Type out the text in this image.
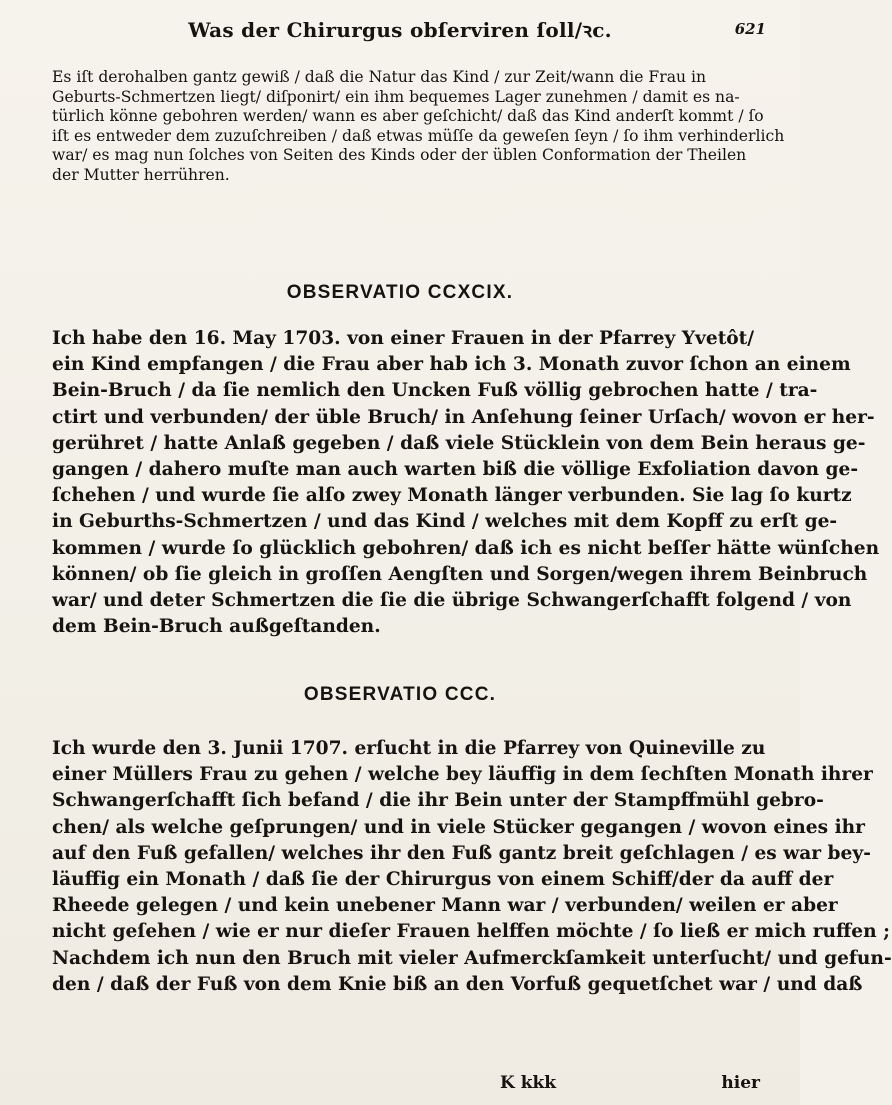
Was der Chirurgus obſerviren ſoll/ꝛc.	621
Es iſt derohalben gantz gewiß / daß die Natur das Kind / zur Zeit/wann die Frau in
Geburts-Schmertzen liegt/ diſponirt/ ein ihm bequemes Lager zunehmen / damit es na-
türlich könne gebohren werden/ wann es aber geſchicht/ daß das Kind anderſt kommt / ſo
iſt es entweder dem zuzuſchreiben / daß etwas müſſe da geweſen ſeyn / ſo ihm verhinderlich
war/ es mag nun ſolches von Seiten des Kinds oder der üblen Conformation der Theilen
der Mutter herrühren.
OBSERVATIO CCXCIX.
Ich habe den 16. May 1703. von einer Frauen in der Pfarrey Yvetôt/
ein Kind empfangen / die Frau aber hab ich 3. Monath zuvor ſchon an einem
Bein-Bruch / da ſie nemlich den Uncken Fuß völlig gebrochen hatte / tra-
ctirt und verbunden/ der üble Bruch/ in Anſehung ſeiner Urſach/ wovon er her-
gerühret / hatte Anlaß gegeben / daß viele Stücklein von dem Bein heraus ge-
gangen / dahero muſte man auch warten biß die völlige Exfoliation davon ge-
ſchehen / und wurde ſie alſo zwey Monath länger verbunden. Sie lag ſo kurtz
in Geburths-Schmertzen / und das Kind / welches mit dem Kopff zu erſt ge-
kommen / wurde ſo glücklich gebohren/ daß ich es nicht beſſer hätte wünſchen
können/ ob ſie gleich in groſſen Aengſten und Sorgen/wegen ihrem Beinbruch
war/ und deter Schmertzen die ſie die übrige Schwangerſchafft folgend / von
dem Bein-Bruch außgeſtanden.
OBSERVATIO CCC.
Ich wurde den 3. Junii 1707. erſucht in die Pfarrey von Quineville zu
einer Müllers Frau zu gehen / welche bey läuffig in dem ſechſten Monath ihrer
Schwangerſchafft ſich befand / die ihr Bein unter der Stampffmühl gebro-
chen/ als welche geſprungen/ und in viele Stücker gegangen / wovon eines ihr
auf den Fuß gefallen/ welches ihr den Fuß gantz breit geſchlagen / es war bey-
läuffig ein Monath / daß ſie der Chirurgus von einem Schiff/der da auff der
Rheede gelegen / und kein unebener Mann war / verbunden/ weilen er aber
nicht geſehen / wie er nur dieſer Frauen helffen möchte / ſo ließ er mich ruffen ;
Nachdem ich nun den Bruch mit vieler Aufmerckſamkeit unterſucht/ und gefun-
den / daß der Fuß von dem Knie biß an den Vorfuß gequetſchet war / und daß
K kkk	hier
